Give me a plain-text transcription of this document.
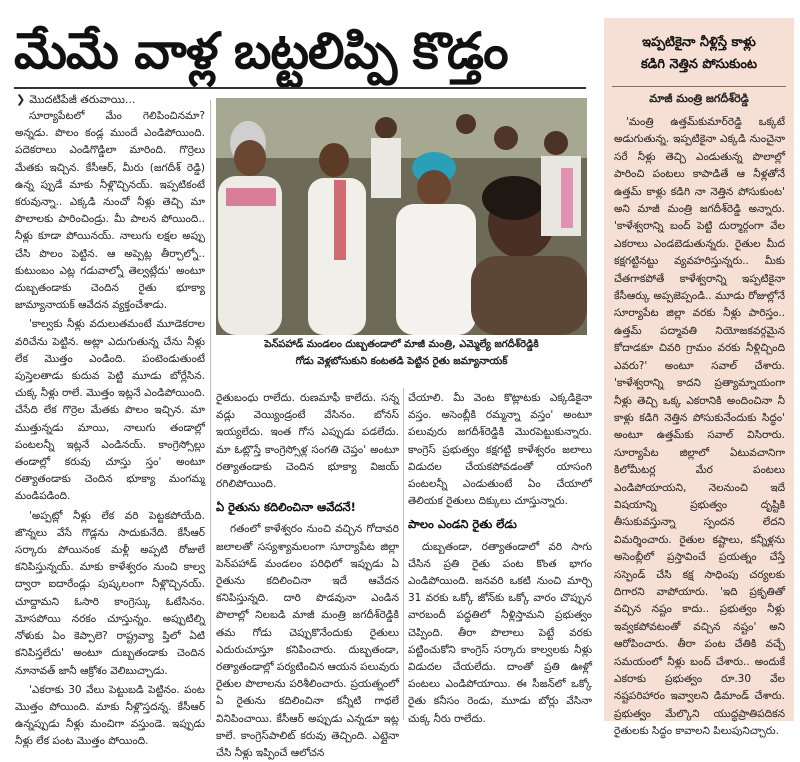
మేమే వాళ్ల బట్టలిప్పి కొడ్తం
❯ మొదటిపేజీ తరువాయి...

సూర్యాపేటలో మేం గెలిపించినమా? అన్నడు. పొలం కండ్ల ముందే ఎండిపోయింది. పదెకరాలు ఎండిగొడ్డిలా మారింది. గొర్రెలు మేతకు ఇచ్చిన. కేసీఆర్, మీరు (జగదీశ్ రెడ్డి) ఉన్న ప్పుడే మాకు నీళ్లొచ్చినయ్. ఇప్పటికంటే కరువున్నా.. ఎక్కడి నుంచో నీళ్లు తెచ్చి మా పొలాలకు పారించిండ్రు. మీ పాలన పోయింది.. నీళ్లు కూడా పోయినయ్. నాలుగు లక్షల అప్పు చేసి పొలం పెట్టిన. ఆ అప్పెట్ల తీర్చాల్నో.. కుటుంబం ఎట్ల గడువాల్నో తెల్వట్లేదు' అంటూ దుబ్బతండాకు చెందిన రైతు భూక్యా జామ్యానాయక్ ఆవేదన వ్యక్తంచేశాడు.

'కాల్వకు నీళ్లు వదులుతమంటే మూడెకరాల వరిచేను పెట్టిన. అట్లా ఎదుగుతున్న చేను నీళ్లు లేక మొత్తం ఎండింది. పంటెండుతుంటే పుస్తెలతాడు కుదువ పెట్టి మూడు బోర్లేసిన. చుక్క నీళ్లు రాలే. మొత్తం ఇట్లనే ఎండిపోయింది. చేసేది లేక గొర్రెల మేతకు పొలం ఇచ్చిన. మా ముత్తున్నడు మాయి, నాలుగు తండాల్లో పంటలన్నీ ఇట్లనే ఎండినయ్. కాంగ్రెస్సోల్లు తండాల్లో కరువు చూస్తు స్తం' అంటూ రత్యాతండాకు చెందిన భూక్యా మంగమ్మ మండిపడింది.

'అప్పట్లో నీళ్లు లేక వరి పెట్టకపోయేది. జొన్నలు వేసే గొడ్లను సాదుకునేది. కేసీఆర్ సర్కారు పోయినంక మళ్లీ అప్పటి రోజులే కనిపిస్తున్నయ్. మాకు కాళేశ్వరం నుంచి కాల్వ ద్వారా ఐదారేండ్లు పుష్కలంగా నీళ్లొచ్చినయ్. చూద్దామని ఓసారి కాంగ్రెస్కు ఓటేసినం. మోసపోయి నరకం చూస్తున్నం. అప్పుటిల్ని నోళుకు ఏం కెప్పాలె? రాష్ట్రవ్యా ప్తిలో ఏటి కనిపిస్తలేదు' అంటూ దుబ్బతండాకు చెందిన నూనావత్ జానీ ఆక్రోశం వెలిబుచ్చాడు.

'ఎకరాకు 30 వేలు పెట్టుబడి పెట్టినం. పంట మొత్తం పోయింది. మాకు నీళ్లొస్తదన్న. కేసీఆర్ ఉన్నప్పుడు నీళ్లు మంచిగా వస్తుండె. ఇప్పుడు నీళ్లు లేక పంట మొత్తం పోయింది.

పెన్‌పహాడ్ మండలం దుబ్బతండాలో మాజీ మంత్రి, ఎమ్మెల్యే జగదీశ్‌రెడ్డికి
గోడు వెళ్లబోసుకుని కంటతడి పెట్టిన రైతు జమ్యానాయక్

రైతుబంధు రాలేదు. రుణమాఫీ కాలేదు. సన్న వడ్లు వెయ్యిండ్రంటే వేసినం. బోనస్ ఇయ్యలేదు. ఇంత గోస ఎప్పుడు పడలేదు. మా ఓట్లొస్తే కాంగ్రెస్సోళ్ల సంగతి చెప్తం' అంటూ రత్యాతండాకు చెందిన భూక్యా విజయ్ రగిలిపోయింది.

ఏ రైతును కదిలించినా ఆవేదనే!

గతంలో కాళేశ్వరం నుంచి వచ్చిన గోదావరి జలాలతో సస్యశ్యామలంగా సూర్యాపేట జిల్లా పెన్‌పహాడ్ మండలం పరిధిలో ఇప్పుడు ఏ రైతును కదిలించినా ఇదే ఆవేదన కనిపిస్తున్నది. దారి పొడవునా ఎండిన పొలాల్లో నిలబడి మాజీ మంత్రి జగదీశ్‌రెడ్డికి తమ గోడు చెప్పుకొనేందుకు రైతులు ఎదురుచూస్తూ కనిపించారు. దుబ్బతండా, రత్యాతండాల్లో పర్యటించిన ఆయన పలువురు రైతుల పొలాలను పరిశీలించారు. ప్రయత్నంలో ఏ రైతును కదిలించినా కన్నీటి గాథలే వినిపించాయి. కేసీఆర్ అప్పుడు ఎన్నడూ ఇట్ల కాలే. కాంగ్రెస్‌పాలిట్ కరువు తెచ్చింది. ఎట్లైనా చేసి నీళ్లు ఇప్పించే ఆలోచన

చేయాలి. మీ వెంట కొట్లాటకు ఎక్కడికైనా వస్తం. అసెంబ్లీకి రమ్మన్నా వస్తం' అంటూ పలువురు జగదీశ్‌రెడ్డికి మొరపెట్టుకున్నారు. కాంగ్రెస్ ప్రభుత్వం కక్షగట్టి కాళేశ్వరం జలాలు విడుదల చేయకపోవడంతో యాసంగి పంటలన్నీ ఎండుతుంటే ఏం చేయాలో తెలియక రైతులు దిక్కులు చూస్తున్నారు.

పాలం ఎండని రైతు లేడు

దుబ్బతండా, రత్యాతండాలో వరి సాగు చేసిన ప్రతి రైతు పంట కొంత భాగం ఎండిపోయింది. జనవరి ఒకటి నుంచి మార్చి 31 వరకు ఒక్కో జోన్‌కు ఒక్కో వారం చొప్పున వారబందీ పద్ధతిలో నీళ్లిస్తామని ప్రభుత్వం చెప్పింది. తీరా పొలాలు పెట్టే వరకు పట్టించుకోని కాంగ్రెస్ సర్కారు కాల్వలకు నీళ్లు విడుదల చేయలేదు. దాంతో ప్రతి ఊళ్లో పంటలు ఎండిపోయాయి. ఈ సీజన్‌లో ఒక్కో రైతు కనీసం రెండు, మూడు బోర్లు వేసినా చుక్క నీరు రాలేదు.

ఇప్పటికైనా నీళ్లిస్తే కాళ్లు
కడిగి నెత్తిన పోసుకుంట
మాజీ మంత్రి జగదీశ్‌రెడ్డి

'మంత్రి ఉత్తమ్‌కుమార్‌రెడ్డి ఒక్కటే అడుగుతున్న. ఇప్పటికైనా ఎక్కడి నుంచైనా సరే నీళ్లు తెచ్చి ఎండుతున్న పొలాల్లో పారించి పంటలు కాపాడితే ఆ నీళ్లతోనే ఉత్తమ్ కాళ్లు కడిగి నా నెత్తిన పోసుకుంట' అని మాజీ మంత్రి జగదీశ్‌రెడ్డి అన్నారు. 'కాళేశ్వరాన్ని బంద్ పెట్టి దుర్మార్గంగా వేల ఎకరాలు ఎండబెడుతున్నరు. రైతుల మీద కక్షగట్టినట్టు వ్యవహరిస్తున్నరు.. మీకు చేతగాకపోతే కాళేశ్వరాన్ని ఇప్పటికైనా కేసీఆర్కు అప్పజెప్పండి.. మూడు రోజుల్లోనే సూర్యాపేట జిల్లా వరకు నీళ్లు పారిస్తం.. ఉత్తమ్ పద్మావతి నియోజకవర్గమైన కోదాడకూ చివరి గ్రామం వరకు నీళ్లిచ్చింది ఎవరు?' అంటూ సవాల్ చేశారు. 'కాళేశ్వరాన్ని కాదని ప్రత్యామ్నాయంగా నీళ్లు తెచ్చి ఒక్క ఎకరానికి అందించినా నీ కాళ్లు కడిగి నెత్తిన పోసుకునేందుకు సిద్ధం' అంటూ ఉత్తమ్‌కు సవాల్ విసిరారు. సూర్యాపేట జిల్లాలో ఏటువచానిగా కిలోమీటర్ల మేర పంటలు ఎండిపోయాయని, నెలనుంచి ఇదే విషయాన్ని ప్రభుత్వం దృష్టికి తీసుకువస్తున్నా స్పందన లేదని విమర్శించారు. రైతుల కష్టాలు, కన్నీళ్లను అసెంబ్లీలో ప్రస్తావించే ప్రయత్నం చేస్తే సస్పెండ్ చేసి కక్ష సాధింపు చర్యలకు దిగారని వాపోయారు. 'ఇది ప్రకృతితో వచ్చిన నష్టం కాదు.. ప్రభుత్వం నీళ్లు ఇవ్వకపోవటంతో వచ్చిన నష్టం' అని ఆరోపించారు. తీరా పంట చేతికి వచ్చే సమయంలో నీళ్లు బంద్ చేశారు.. అందుకే ఎకరాకు ప్రభుత్వం రూ.30 వేల నష్టపరిహారం ఇవ్వాలని డిమాండ్ చేశారు. ప్రభుత్వం మేల్కొని యుద్ధప్రాతిపదికన రైతులకు సిద్ధం కావాలని పిలుపునిచ్చారు.
